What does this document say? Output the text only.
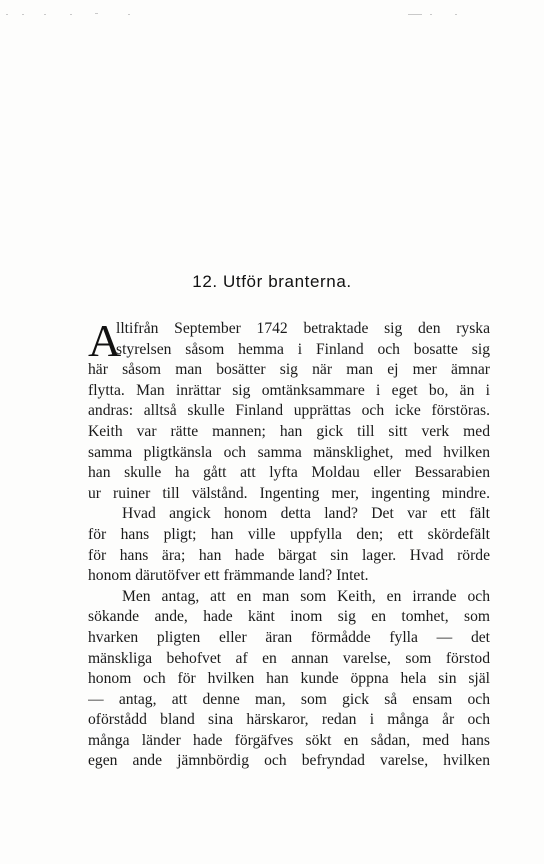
12. Utför branterna.
A
lltifrån September 1742 betraktade sig den ryska
styrelsen såsom hemma i Finland och bosatte sig
här såsom man bosätter sig när man ej mer ämnar
flytta. Man inrättar sig omtänksammare i eget bo, än i
andras: alltså skulle Finland upprättas och icke förstöras.
Keith var rätte mannen; han gick till sitt verk med
samma pligtkänsla och samma mänsklighet, med hvilken
han skulle ha gått att lyfta Moldau eller Bessarabien
ur ruiner till välstånd. Ingenting mer, ingenting mindre.
Hvad angick honom detta land? Det var ett fält
för hans pligt; han ville uppfylla den; ett skördefält
för hans ära; han hade bärgat sin lager. Hvad rörde
honom därutöfver ett främmande land? Intet.
Men antag, att en man som Keith, en irrande och
sökande ande, hade känt inom sig en tomhet, som
hvarken pligten eller äran förmådde fylla — det
mänskliga behofvet af en annan varelse, som förstod
honom och för hvilken han kunde öppna hela sin själ
— antag, att denne man, som gick så ensam och
oförstådd bland sina härskaror, redan i många år och
många länder hade förgäfves sökt en sådan, med hans
egen ande jämnbördig och befryndad varelse, hvilken
